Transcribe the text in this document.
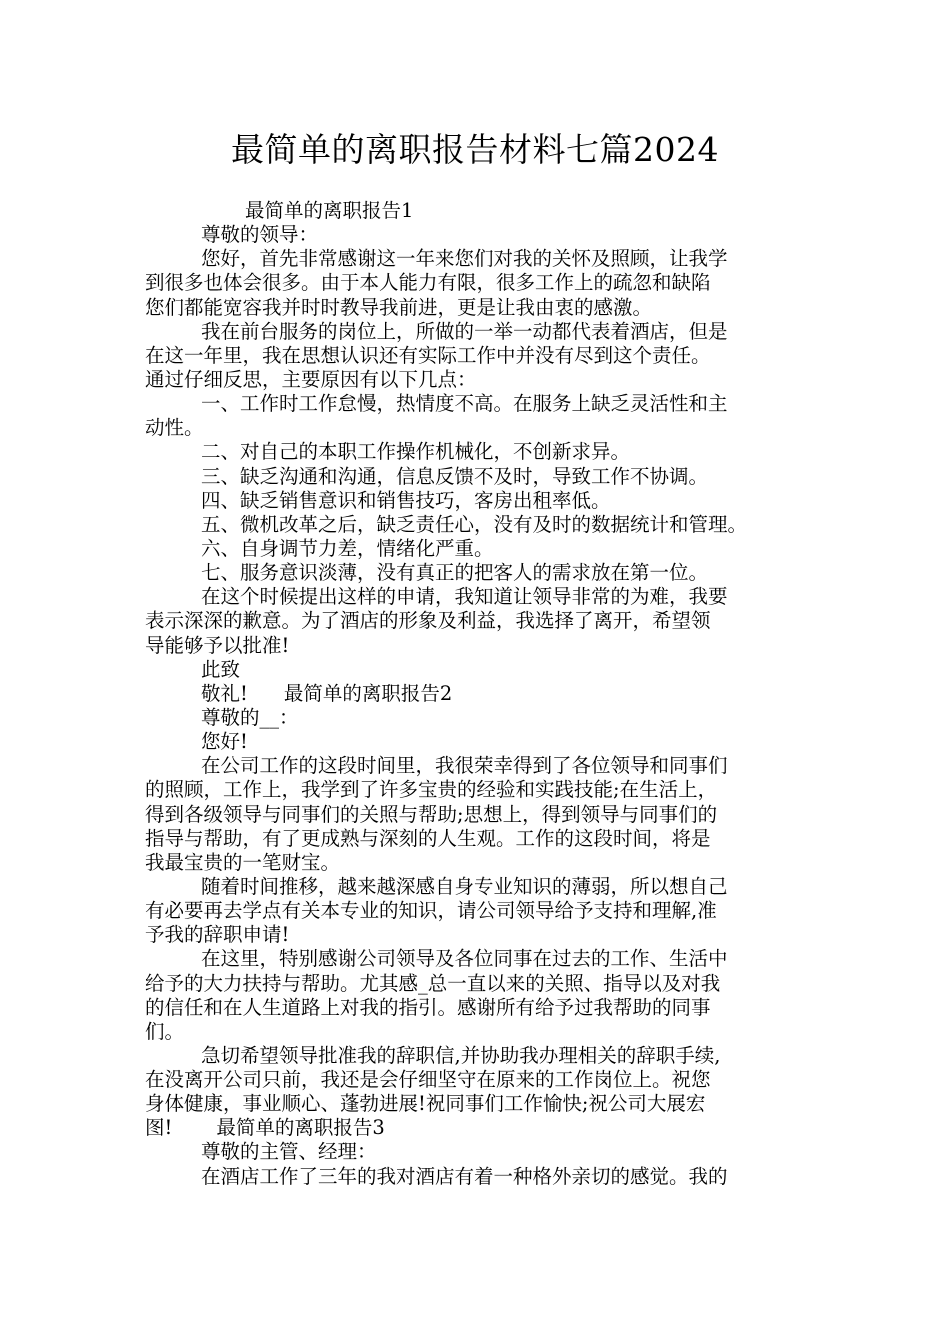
最简单的离职报告材料七篇2024
最简单的离职报告1
尊敬的领导：
您好，首先非常感谢这一年来您们对我的关怀及照顾，让我学
到很多也体会很多。由于本人能力有限，很多工作上的疏忽和缺陷
您们都能宽容我并时时教导我前进，更是让我由衷的感激。
我在前台服务的岗位上，所做的一举一动都代表着酒店，但是
在这一年里，我在思想认识还有实际工作中并没有尽到这个责任。
通过仔细反思，主要原因有以下几点：
一、工作时工作怠慢，热情度不高。在服务上缺乏灵活性和主
动性。
二、对自己的本职工作操作机械化，不创新求异。
三、缺乏沟通和沟通，信息反馈不及时，导致工作不协调。
四、缺乏销售意识和销售技巧，客房出租率低。
五、微机改革之后，缺乏责任心，没有及时的数据统计和管理。
六、自身调节力差，情绪化严重。
七、服务意识淡薄，没有真正的把客人的需求放在第一位。
在这个时候提出这样的申请，我知道让领导非常的为难，我要
表示深深的歉意。为了酒店的形象及利益，我选择了离开，希望领
导能够予以批准!
此致
敬礼! 最简单的离职报告2
尊敬的__：
您好!
在公司工作的这段时间里，我很荣幸得到了各位领导和同事们
的照顾，工作上，我学到了许多宝贵的经验和实践技能;在生活上，
得到各级领导与同事们的关照与帮助;思想上，得到领导与同事们的
指导与帮助，有了更成熟与深刻的人生观。工作的这段时间，将是
我最宝贵的一笔财宝。
随着时间推移，越来越深感自身专业知识的薄弱，所以想自己
有必要再去学点有关本专业的知识，请公司领导给予支持和理解,准
予我的辞职申请!
在这里，特别感谢公司领导及各位同事在过去的工作、生活中
给予的大力扶持与帮助。尤其感_总一直以来的关照、指导以及对我
的信任和在人生道路上对我的指引。感谢所有给予过我帮助的同事
们。
急切希望领导批准我的辞职信,并协助我办理相关的辞职手续,
在没离开公司只前，我还是会仔细坚守在原来的工作岗位上。祝您
身体健康，事业顺心、蓬勃进展!祝同事们工作愉快;祝公司大展宏
图! 最简单的离职报告3
尊敬的主管、经理：
在酒店工作了三年的我对酒店有着一种格外亲切的感觉。我的
